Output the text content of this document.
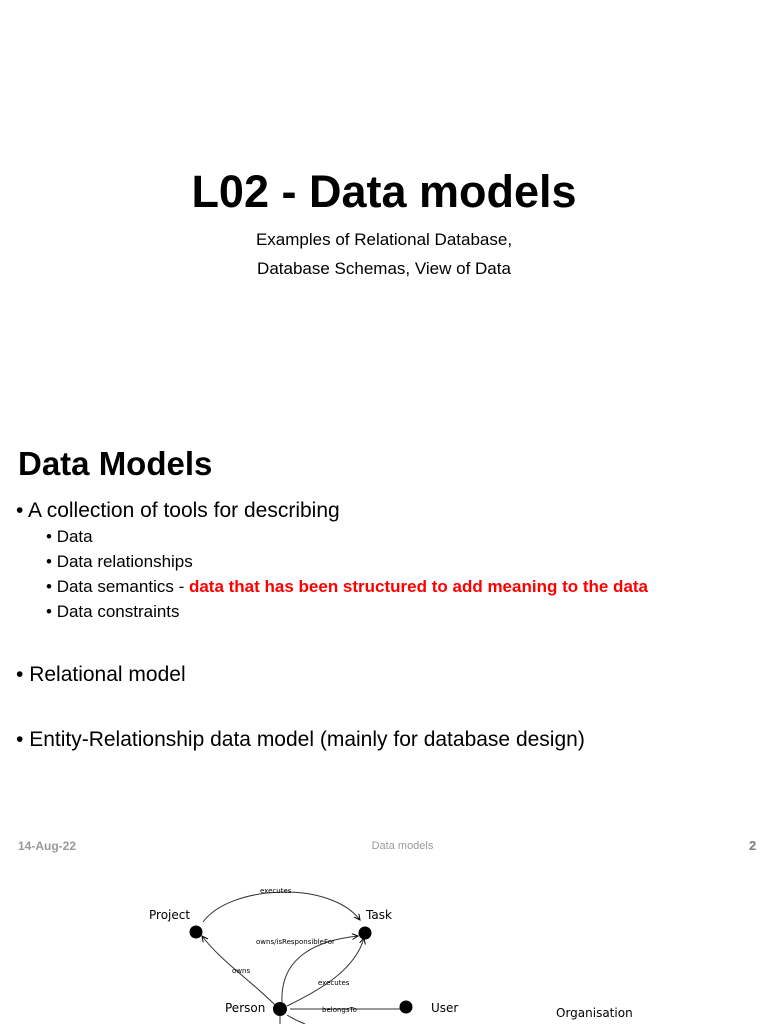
L02 - Data models
Examples of Relational Database,
Database Schemas, View of Data
Data Models
• A collection of tools for describing
• Data
• Data relationships
• Data semantics - data that has been structured to add meaning to the data
• Data constraints
• Relational model
• Entity-Relationship data model (mainly for database design)
14-Aug-22	Data models	2
Project	Task
Person	User	Organisation
executes
owns/isResponsibleFor
owns
executes
belongsTo
